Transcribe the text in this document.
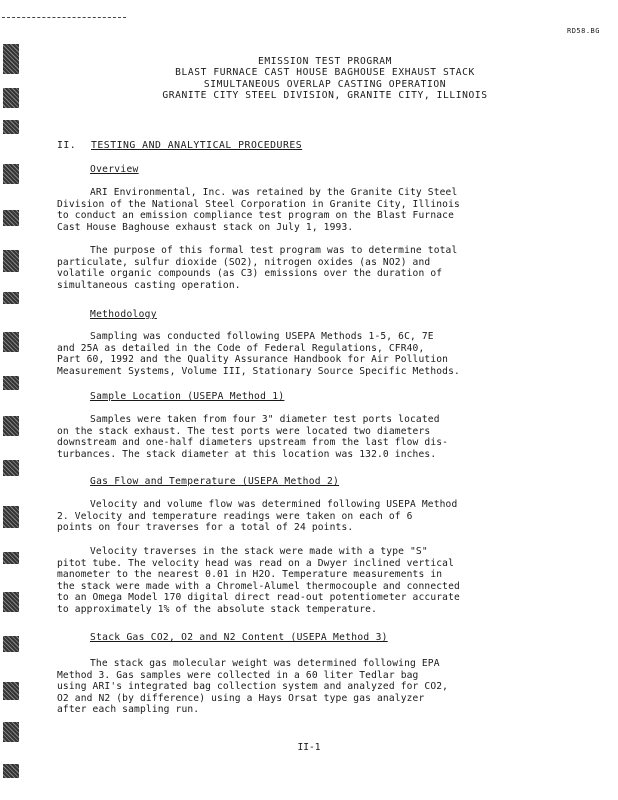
RD58.BG
EMISSION TEST PROGRAM
BLAST FURNACE CAST HOUSE BAGHOUSE EXHAUST STACK
SIMULTANEOUS OVERLAP CASTING OPERATION
GRANITE CITY STEEL DIVISION, GRANITE CITY, ILLINOIS
II. TESTING AND ANALYTICAL PROCEDURES
Overview
ARI Environmental, Inc. was retained by the Granite City Steel
Division of the National Steel Corporation in Granite City, Illinois
to conduct an emission compliance test program on the Blast Furnace
Cast House Baghouse exhaust stack on July 1, 1993.
The purpose of this formal test program was to determine total
particulate, sulfur dioxide (SO2), nitrogen oxides (as NO2) and
volatile organic compounds (as C3) emissions over the duration of
simultaneous casting operation.
Methodology
Sampling was conducted following USEPA Methods 1-5, 6C, 7E
and 25A as detailed in the Code of Federal Regulations, CFR40,
Part 60, 1992 and the Quality Assurance Handbook for Air Pollution
Measurement Systems, Volume III, Stationary Source Specific Methods.
Sample Location (USEPA Method 1)
Samples were taken from four 3" diameter test ports located
on the stack exhaust. The test ports were located two diameters
downstream and one-half diameters upstream from the last flow dis-
turbances. The stack diameter at this location was 132.0 inches.
Gas Flow and Temperature (USEPA Method 2)
Velocity and volume flow was determined following USEPA Method
2. Velocity and temperature readings were taken on each of 6
points on four traverses for a total of 24 points.
Velocity traverses in the stack were made with a type "S"
pitot tube. The velocity head was read on a Dwyer inclined vertical
manometer to the nearest 0.01 in H2O. Temperature measurements in
the stack were made with a Chromel-Alumel thermocouple and connected
to an Omega Model 170 digital direct read-out potentiometer accurate
to approximately 1% of the absolute stack temperature.
Stack Gas CO2, O2 and N2 Content (USEPA Method 3)
The stack gas molecular weight was determined following EPA
Method 3. Gas samples were collected in a 60 liter Tedlar bag
using ARI's integrated bag collection system and analyzed for CO2,
O2 and N2 (by difference) using a Hays Orsat type gas analyzer
after each sampling run.
II-1
